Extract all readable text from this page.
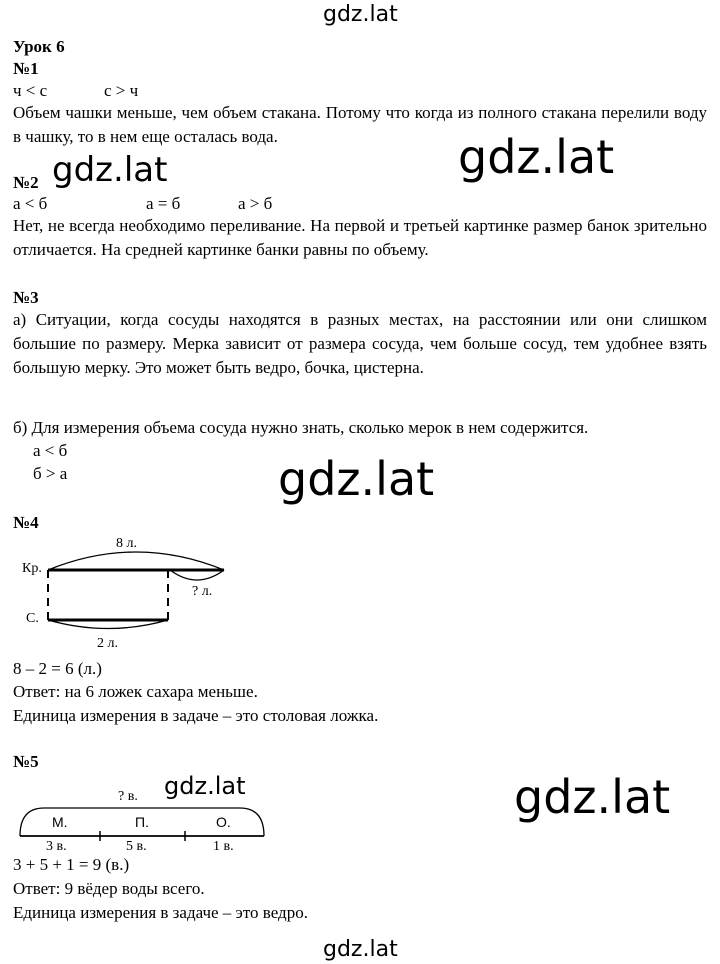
gdz.lat
gdz.lat	gdz.lat
gdz.lat
gdz.lat	gdz.lat
gdz.lat
Урок 6
№1
ч < с	с > ч
Объем чашки меньше, чем объем стакана. Потому что когда из полного стакана перелили воду в чашку, то в нем еще осталась вода.
№2
а < б	а = б	а > б
Нет, не всегда необходимо переливание. На первой и третьей картинке размер банок зрительно отличается. На средней картинке банки равны по объему.
№3
а) Ситуации, когда сосуды находятся в разных местах, на расстоянии или они слишком большие по размеру. Мерка зависит от размера сосуда, чем больше сосуд, тем удобнее взять большую мерку. Это может быть ведро, бочка, цистерна.
б) Для измерения объема сосуда нужно знать, сколько мерок в нем содержится.
а < б
б > а
№4
8 л.
Кр.
? л.
С.
2 л.
8 – 2 = 6 (л.)
Ответ: на 6 ложек сахара меньше.
Единица измерения в задаче – это столовая ложка.
№5
? в.
М.	П.	О.
3 в.	5 в.	1 в.
3 + 5 + 1 = 9 (в.)
Ответ: 9 вёдер воды всего.
Единица измерения в задаче – это ведро.
